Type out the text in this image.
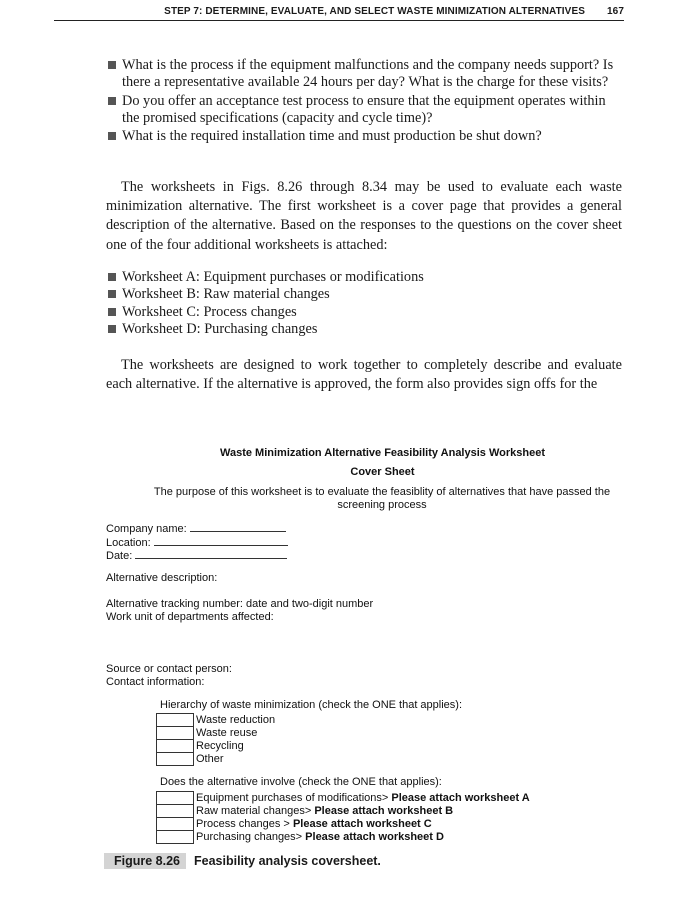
STEP 7: DETERMINE, EVALUATE, AND SELECT WASTE MINIMIZATION ALTERNATIVES 167
What is the process if the equipment malfunctions and the company needs support? Is there a representative available 24 hours per day? What is the charge for these visits?
Do you offer an acceptance test process to ensure that the equipment operates within the promised specifications (capacity and cycle time)?
What is the required installation time and must production be shut down?

The worksheets in Figs. 8.26 through 8.34 may be used to evaluate each waste minimization alternative. The first worksheet is a cover page that provides a general description of the alternative. Based on the responses to the questions on the cover sheet one of the four additional worksheets is attached:

Worksheet A: Equipment purchases or modifications
Worksheet B: Raw material changes
Worksheet C: Process changes
Worksheet D: Purchasing changes

The worksheets are designed to work together to completely describe and evaluate each alternative. If the alternative is approved, the form also provides sign offs for the

Waste Minimization Alternative Feasibility Analysis Worksheet
Cover Sheet
The purpose of this worksheet is to evaluate the feasiblity of alternatives that have passed the screening process
Company name:
Location:
Date:
Alternative description:
Alternative tracking number: date and two-digit number
Work unit of departments affected:
Source or contact person:
Contact information:
Hierarchy of waste minimization (check the ONE that applies):
Waste reduction
Waste reuse
Recycling
Other
Does the alternative involve (check the ONE that applies):
Equipment purchases of modifications> Please attach worksheet A
Raw material changes> Please attach worksheet B
Process changes > Please attach worksheet C
Purchasing changes> Please attach worksheet D
Figure 8.26 Feasibility analysis coversheet.
